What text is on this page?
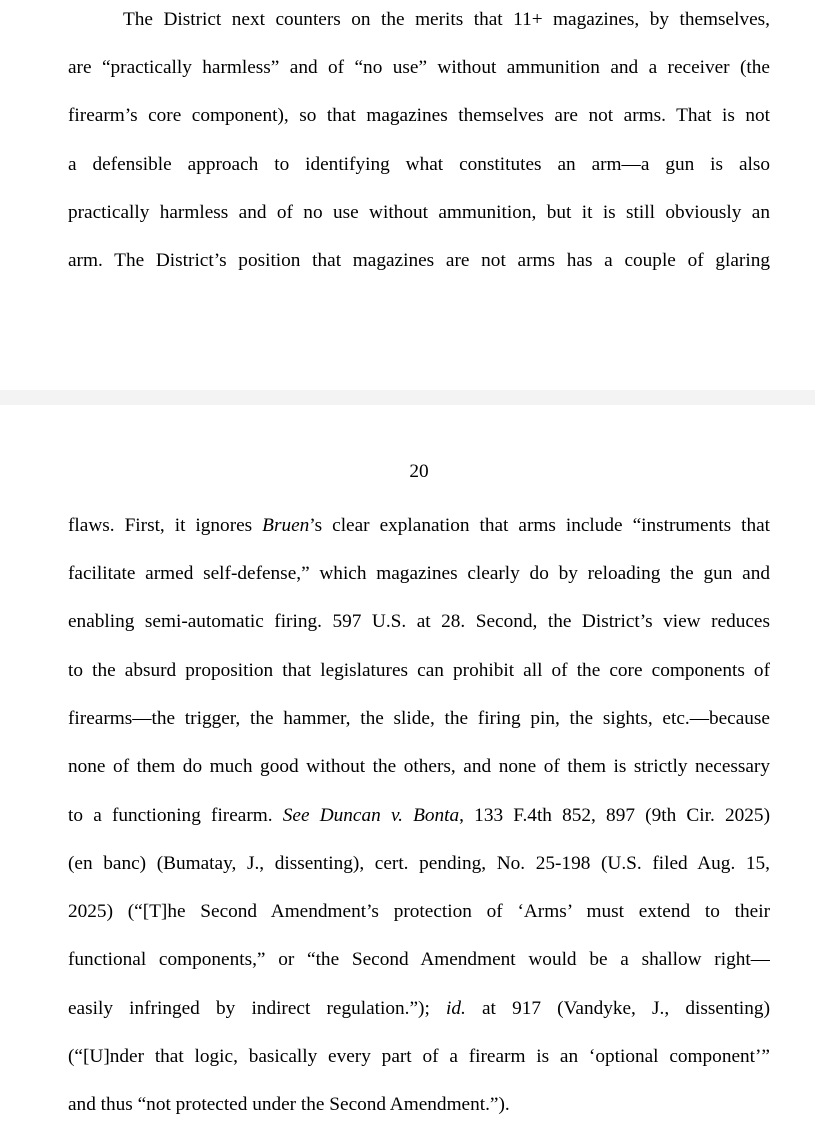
The District next counters on the merits that 11+ magazines, by themselves,
are “practically harmless” and of “no use” without ammunition and a receiver (the
firearm’s core component), so that magazines themselves are not arms. That is not
a defensible approach to identifying what constitutes an arm—a gun is also
practically harmless and of no use without ammunition, but it is still obviously an
arm. The District’s position that magazines are not arms has a couple of glaring
20
flaws. First, it ignores Bruen’s clear explanation that arms include “instruments that
facilitate armed self-defense,” which magazines clearly do by reloading the gun and
enabling semi-automatic firing. 597 U.S. at 28. Second, the District’s view reduces
to the absurd proposition that legislatures can prohibit all of the core components of
firearms—the trigger, the hammer, the slide, the firing pin, the sights, etc.—because
none of them do much good without the others, and none of them is strictly necessary
to a functioning firearm. See Duncan v. Bonta, 133 F.4th 852, 897 (9th Cir. 2025)
(en banc) (Bumatay, J., dissenting), cert. pending, No. 25-198 (U.S. filed Aug. 15,
2025) (“[T]he Second Amendment’s protection of ‘Arms’ must extend to their
functional components,” or “the Second Amendment would be a shallow right—
easily infringed by indirect regulation.”); id. at 917 (Vandyke, J., dissenting)
(“[U]nder that logic, basically every part of a firearm is an ‘optional component’”
and thus “not protected under the Second Amendment.”).
